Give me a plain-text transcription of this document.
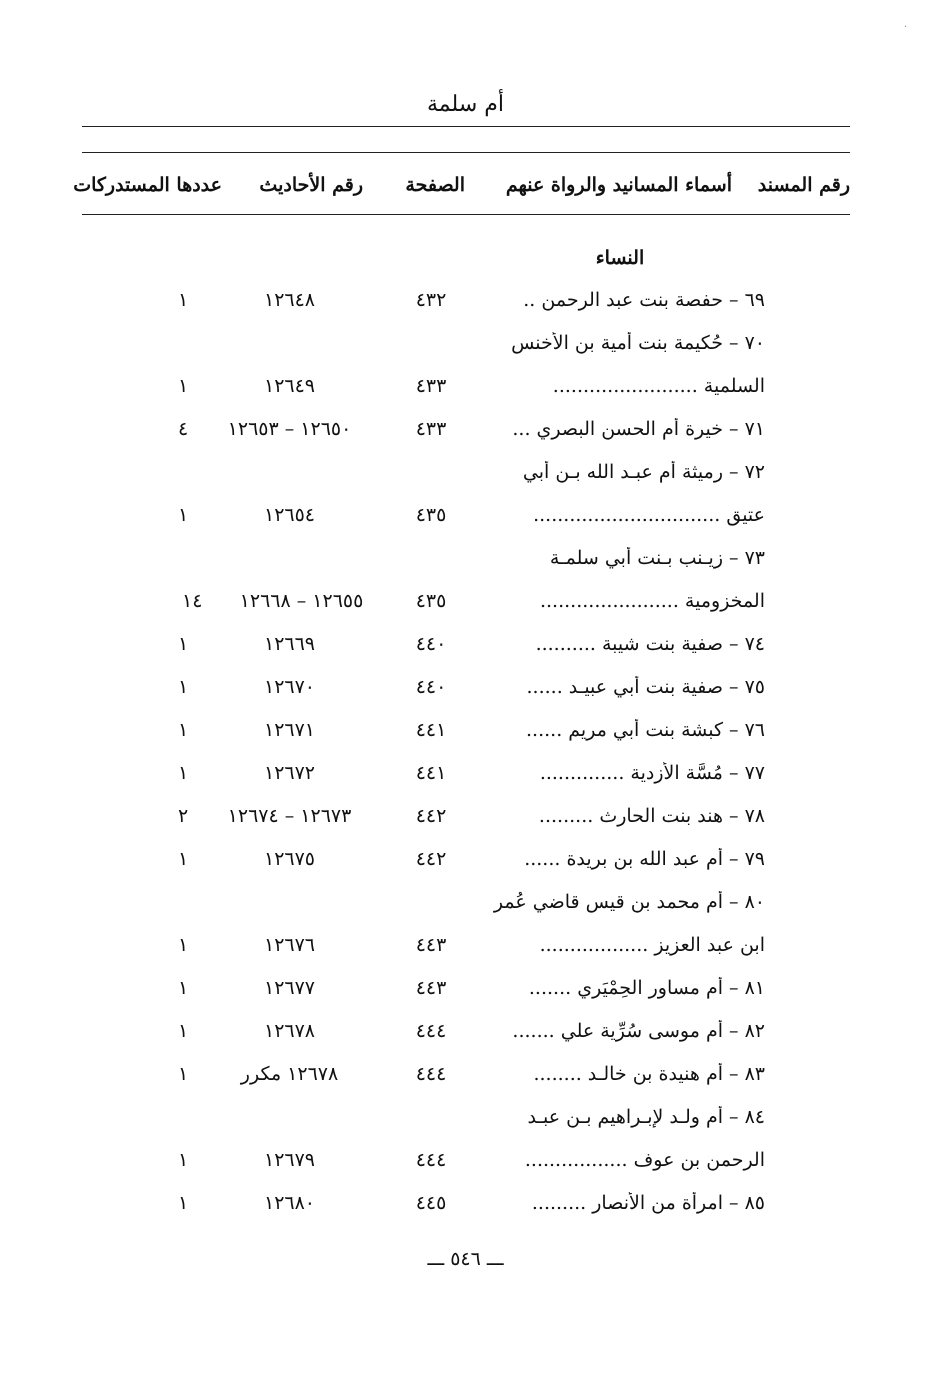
·
أم سلمة
رقم المسند
أسماء المسانيد والرواة عنهم
الصفحة
رقم الأحاديث
عددها المستدركات
النساء
٦٩ – حفصة بنت عبد الرحمن ..
٤٣٢
١٢٦٤٨
١
٧٠ – حُكيمة بنت أمية بن الأخنس
السلمية ........................
٤٣٣
١٢٦٤٩
١
٧١ – خيرة أم الحسن البصري ...
٤٣٣
١٢٦٥٠ – ١٢٦٥٣
٤
٧٢ – رميثة أم عبـد الله بـن أبي
عتيق ...............................
٤٣٥
١٢٦٥٤
١
٧٣ – زيـنب بـنت أبي سلمـة
المخزومية .......................
٤٣٥
١٢٦٥٥ – ١٢٦٦٨
١٤
٧٤ – صفية بنت شيبة ..........
٤٤٠
١٢٦٦٩
١
٧٥ – صفية بنت أبي عبيـد ......
٤٤٠
١٢٦٧٠
١
٧٦ – كبشة بنت أبي مريم ......
٤٤١
١٢٦٧١
١
٧٧ – مُسَّة الأزدية ..............
٤٤١
١٢٦٧٢
١
٧٨ – هند بنت الحارث .........
٤٤٢
١٢٦٧٣ – ١٢٦٧٤
٢
٧٩ – أم عبد الله بن بريدة ......
٤٤٢
١٢٦٧٥
١
٨٠ – أم محمد بن قيس قاضي عُمر
ابن عبد العزيز ..................
٤٤٣
١٢٦٧٦
١
٨١ – أم مساور الحِمْيَري .......
٤٤٣
١٢٦٧٧
١
٨٢ – أم موسى سُرِّية علي .......
٤٤٤
١٢٦٧٨
١
٨٣ – أم هنيدة بن خالـد ........
٤٤٤
١٢٦٧٨ مكرر
١
٨٤ – أم ولـد لإبـراهيم بـن عبـد
الرحمن بن عوف .................
٤٤٤
١٢٦٧٩
١
٨٥ – امرأة من الأنصار .........
٤٤٥
١٢٦٨٠
١
ـــ ٥٤٦ ـــ
